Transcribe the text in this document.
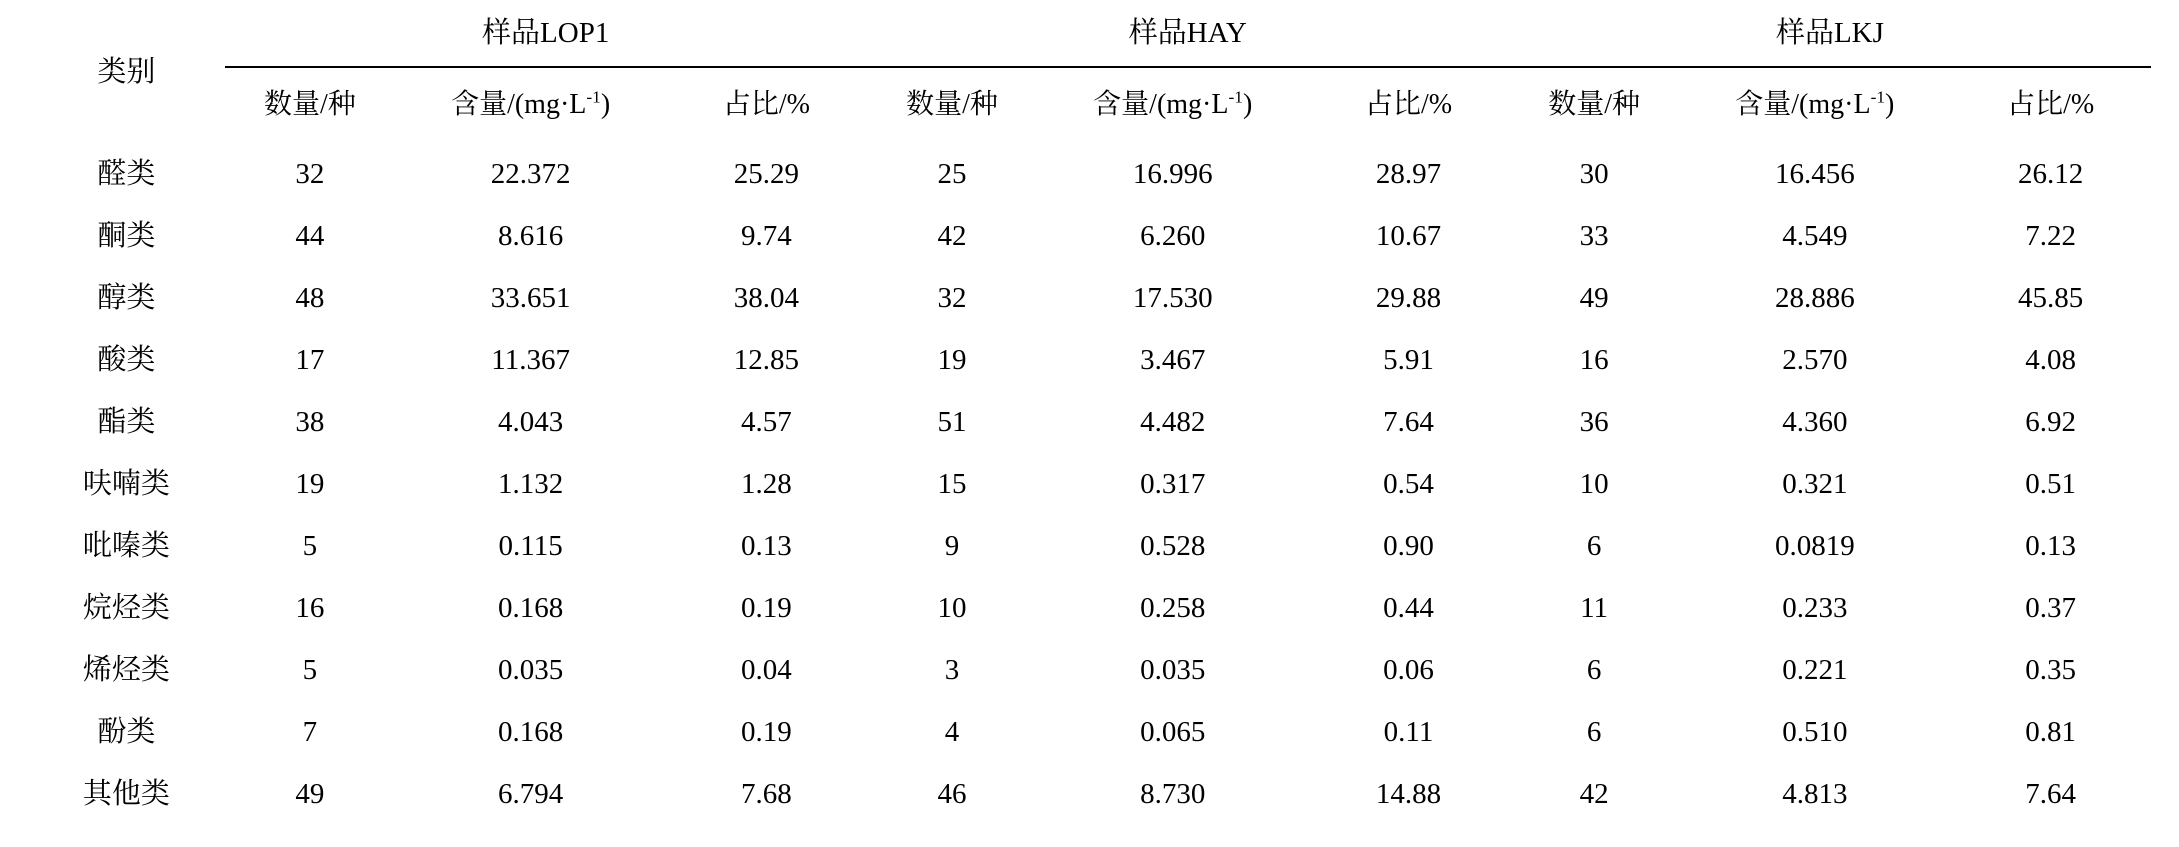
类别	样品LOP1			样品HAY			样品LKJ		
	数量/种	含量$/(mg\cdot L^{-1})$	占比/%	数量/种	含量$/(mg\cdot L^{-1})$	占比/%	数量/种	含量$/(mg\cdot L^{-1})$	占比/%
醛类	32	22.372	25.29	25	16.996	28.97	30	16.456	26.12
酮类	44	8.616	9.74	42	6.260	10.67	33	4.549	7.22
醇类	48	33.651	38.04	32	17.530	29.88	49	28.886	45.85
酸类	17	11.367	12.85	19	3.467	5.91	16	2.570	4.08
酯类	38	4.043	4.57	51	4.482	7.64	36	4.360	6.92
呋喃类	19	1.132	1.28	15	0.317	0.54	10	0.321	0.51
吡嗪类	5	0.115	0.13	9	0.528	0.90	6	0.0819	0.13
烷烃类	16	0.168	0.19	10	0.258	0.44	11	0.233	0.37
烯烃类	5	0.035	0.04	3	0.035	0.06	6	0.221	0.35
酚类	7	0.168	0.19	4	0.065	0.11	6	0.510	0.81
其他类	49	6.794	7.68	46	8.730	14.88	42	4.813	7.64
